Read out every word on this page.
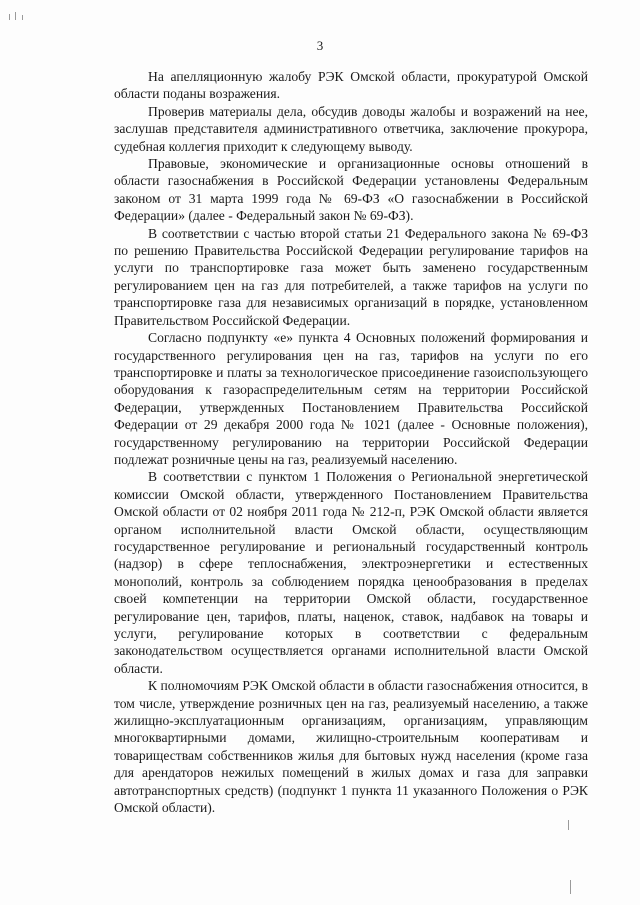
3

На апелляционную жалобу РЭК Омской области, прокуратурой Омской области поданы возражения.

Проверив материалы дела, обсудив доводы жалобы и возражений на нее, заслушав представителя административного ответчика, заключение прокурора, судебная коллегия приходит к следующему выводу.

Правовые, экономические и организационные основы отношений в области газоснабжения в Российской Федерации установлены Федеральным законом от 31 марта 1999 года № 69-ФЗ «О газоснабжении в Российской Федерации» (далее - Федеральный закон № 69-ФЗ).

В соответствии с частью второй статьи 21 Федерального закона № 69-ФЗ по решению Правительства Российской Федерации регулирование тарифов на услуги по транспортировке газа может быть заменено государственным регулированием цен на газ для потребителей, а также тарифов на услуги по транспортировке газа для независимых организаций в порядке, установленном Правительством Российской Федерации.

Согласно подпункту «е» пункта 4 Основных положений формирования и государственного регулирования цен на газ, тарифов на услуги по его транспортировке и платы за технологическое присоединение газоиспользующего оборудования к газораспределительным сетям на территории Российской Федерации, утвержденных Постановлением Правительства Российской Федерации от 29 декабря 2000 года № 1021 (далее - Основные положения), государственному регулированию на территории Российской Федерации подлежат розничные цены на газ, реализуемый населению.

В соответствии с пунктом 1 Положения о Региональной энергетической комиссии Омской области, утвержденного Постановлением Правительства Омской области от 02 ноября 2011 года № 212-п, РЭК Омской области является органом исполнительной власти Омской области, осуществляющим государственное регулирование и региональный государственный контроль (надзор) в сфере теплоснабжения, электроэнергетики и естественных монополий, контроль за соблюдением порядка ценообразования в пределах своей компетенции на территории Омской области, государственное регулирование цен, тарифов, платы, наценок, ставок, надбавок на товары и услуги, регулирование которых в соответствии с федеральным законодательством осуществляется органами исполнительной власти Омской области.

К полномочиям РЭК Омской области в области газоснабжения относится, в том числе, утверждение розничных цен на газ, реализуемый населению, а также жилищно-эксплуатационным организациям, организациям, управляющим многоквартирными домами, жилищно-строительным кооперативам и товариществам собственников жилья для бытовых нужд населения (кроме газа для арендаторов нежилых помещений в жилых домах и газа для заправки автотранспортных средств) (подпункт 1 пункта 11 указанного Положения о РЭК Омской области).
